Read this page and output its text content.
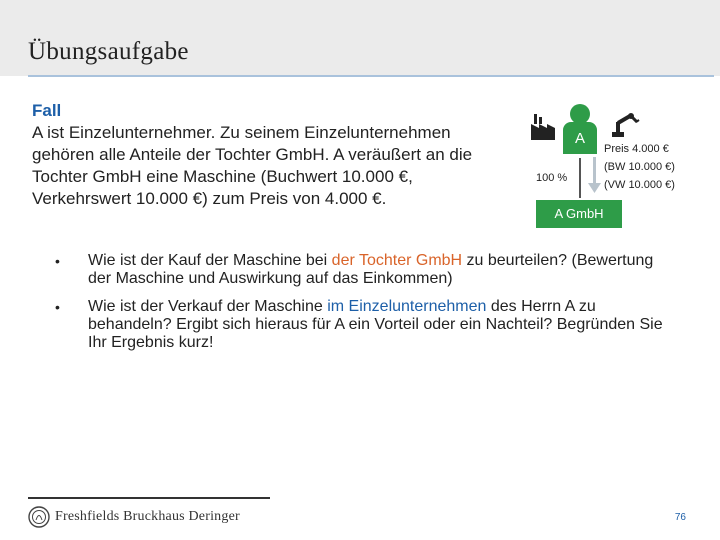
Übungsaufgabe
Fall
A ist Einzelunternehmer. Zu seinem Einzelunternehmen gehören alle Anteile der Tochter GmbH. A veräußert an die Tochter GmbH eine Maschine (Buchwert 10.000 €, Verkehrswert 10.000 €) zum Preis von 4.000 €.
A
100 %
Preis 4.000 €
(BW 10.000 €)
(VW 10.000 €)
A GmbH
•	Wie ist der Kauf der Maschine bei der Tochter GmbH zu beurteilen? (Bewertung der Maschine und Auswirkung auf das Einkommen)
•	Wie ist der Verkauf der Maschine im Einzelunternehmen des Herrn A zu behandeln? Ergibt sich hieraus für A ein Vorteil oder ein Nachteil? Begründen Sie Ihr Ergebnis kurz!
Freshfields Bruckhaus Deringer	76
